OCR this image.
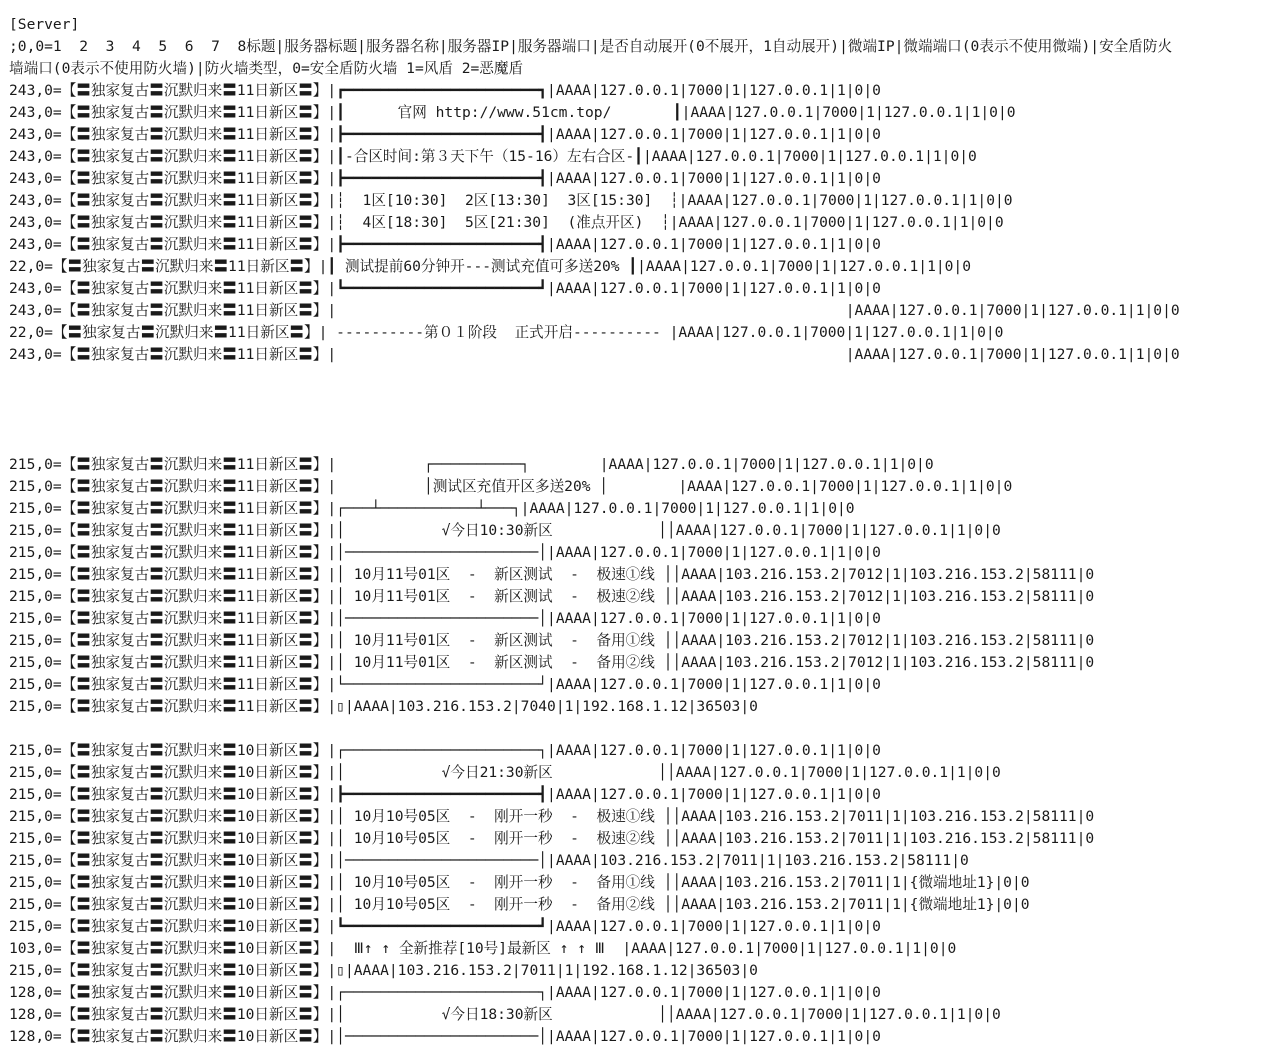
[Server]
;0,0=1  2  3  4  5  6  7  8标题|服务器标题|服务器名称|服务器IP|服务器端口|是否自动展开(0不展开，1自动展开)|微端IP|微端端口(0表示不使用微端)|安全盾防火
墙端口(0表示不使用防火墙)|防火墙类型，0=安全盾防火墙 1=风盾 2=恶魔盾
243,0=【〓独家复古〓沉默归来〓11日新区〓】|┏━━━━━━━━━━━━━━━━━━━━━━┓|AAAA|127.0.0.1|7000|1|127.0.0.1|1|0|0
243,0=【〓独家复古〓沉默归来〓11日新区〓】|┃      官网 http://www.51cm.top/       ┃|AAAA|127.0.0.1|7000|1|127.0.0.1|1|0|0
243,0=【〓独家复古〓沉默归来〓11日新区〓】|┣━━━━━━━━━━━━━━━━━━━━━━┫|AAAA|127.0.0.1|7000|1|127.0.0.1|1|0|0
243,0=【〓独家复古〓沉默归来〓11日新区〓】|┃-合区时间:第３天下午（15-16）左右合区-┃|AAAA|127.0.0.1|7000|1|127.0.0.1|1|0|0
243,0=【〓独家复古〓沉默归来〓11日新区〓】|┣━━━━━━━━━━━━━━━━━━━━━━┫|AAAA|127.0.0.1|7000|1|127.0.0.1|1|0|0
243,0=【〓独家复古〓沉默归来〓11日新区〓】|┆  1区[10:30]  2区[13:30]  3区[15:30]  ┆|AAAA|127.0.0.1|7000|1|127.0.0.1|1|0|0
243,0=【〓独家复古〓沉默归来〓11日新区〓】|┆  4区[18:30]  5区[21:30]  (准点开区)  ┆|AAAA|127.0.0.1|7000|1|127.0.0.1|1|0|0
243,0=【〓独家复古〓沉默归来〓11日新区〓】|┣━━━━━━━━━━━━━━━━━━━━━━┫|AAAA|127.0.0.1|7000|1|127.0.0.1|1|0|0
22,0=【〓独家复古〓沉默归来〓11日新区〓】|┃ 测试提前60分钟开---测试充值可多送20% ┃|AAAA|127.0.0.1|7000|1|127.0.0.1|1|0|0
243,0=【〓独家复古〓沉默归来〓11日新区〓】|┗━━━━━━━━━━━━━━━━━━━━━━┛|AAAA|127.0.0.1|7000|1|127.0.0.1|1|0|0
243,0=【〓独家复古〓沉默归来〓11日新区〓】|                                                          |AAAA|127.0.0.1|7000|1|127.0.0.1|1|0|0
22,0=【〓独家复古〓沉默归来〓11日新区〓】| ----------第０１阶段  正式开启---------- |AAAA|127.0.0.1|7000|1|127.0.0.1|1|0|0
243,0=【〓独家复古〓沉默归来〓11日新区〓】|                                                          |AAAA|127.0.0.1|7000|1|127.0.0.1|1|0|0
215,0=【〓独家复古〓沉默归来〓11日新区〓】|          ┌──────────┐        |AAAA|127.0.0.1|7000|1|127.0.0.1|1|0|0
215,0=【〓独家复古〓沉默归来〓11日新区〓】|          │测试区充值开区多送20% │        |AAAA|127.0.0.1|7000|1|127.0.0.1|1|0|0
215,0=【〓独家复古〓沉默归来〓11日新区〓】|┌───┴───────────┴───┐|AAAA|127.0.0.1|7000|1|127.0.0.1|1|0|0
215,0=【〓独家复古〓沉默归来〓11日新区〓】|│           √今日10:30新区            ││AAAA|127.0.0.1|7000|1|127.0.0.1|1|0|0
215,0=【〓独家复古〓沉默归来〓11日新区〓】|│──────────────────────│|AAAA|127.0.0.1|7000|1|127.0.0.1|1|0|0
215,0=【〓独家复古〓沉默归来〓11日新区〓】|│ 10月11号01区  -  新区测试  -  极速①线 ││AAAA|103.216.153.2|7012|1|103.216.153.2|58111|0
215,0=【〓独家复古〓沉默归来〓11日新区〓】|│ 10月11号01区  -  新区测试  -  极速②线 ││AAAA|103.216.153.2|7012|1|103.216.153.2|58111|0
215,0=【〓独家复古〓沉默归来〓11日新区〓】|│──────────────────────│|AAAA|127.0.0.1|7000|1|127.0.0.1|1|0|0
215,0=【〓独家复古〓沉默归来〓11日新区〓】|│ 10月11号01区  -  新区测试  -  备用①线 ││AAAA|103.216.153.2|7012|1|103.216.153.2|58111|0
215,0=【〓独家复古〓沉默归来〓11日新区〓】|│ 10月11号01区  -  新区测试  -  备用②线 ││AAAA|103.216.153.2|7012|1|103.216.153.2|58111|0
215,0=【〓独家复古〓沉默归来〓11日新区〓】|└──────────────────────┘|AAAA|127.0.0.1|7000|1|127.0.0.1|1|0|0
215,0=【〓独家复古〓沉默归来〓11日新区〓】|▯|AAAA|103.216.153.2|7040|1|192.168.1.12|36503|0
215,0=【〓独家复古〓沉默归来〓10日新区〓】|┌──────────────────────┐|AAAA|127.0.0.1|7000|1|127.0.0.1|1|0|0
215,0=【〓独家复古〓沉默归来〓10日新区〓】|│           √今日21:30新区            ││AAAA|127.0.0.1|7000|1|127.0.0.1|1|0|0
215,0=【〓独家复古〓沉默归来〓10日新区〓】|┣━━━━━━━━━━━━━━━━━━━━━━┫|AAAA|127.0.0.1|7000|1|127.0.0.1|1|0|0
215,0=【〓独家复古〓沉默归来〓10日新区〓】|│ 10月10号05区  -  刚开一秒  -  极速①线 ││AAAA|103.216.153.2|7011|1|103.216.153.2|58111|0
215,0=【〓独家复古〓沉默归来〓10日新区〓】|│ 10月10号05区  -  刚开一秒  -  极速②线 ││AAAA|103.216.153.2|7011|1|103.216.153.2|58111|0
215,0=【〓独家复古〓沉默归来〓10日新区〓】|│──────────────────────│|AAAA|103.216.153.2|7011|1|103.216.153.2|58111|0
215,0=【〓独家复古〓沉默归来〓10日新区〓】|│ 10月10号05区  -  刚开一秒  -  备用①线 ││AAAA|103.216.153.2|7011|1|{微端地址1}|0|0
215,0=【〓独家复古〓沉默归来〓10日新区〓】|│ 10月10号05区  -  刚开一秒  -  备用②线 ││AAAA|103.216.153.2|7011|1|{微端地址1}|0|0
215,0=【〓独家复古〓沉默归来〓10日新区〓】|┗━━━━━━━━━━━━━━━━━━━━━━┛|AAAA|127.0.0.1|7000|1|127.0.0.1|1|0|0
103,0=【〓独家复古〓沉默归来〓10日新区〓】|  Ⅲ↑ ↑ 全新推荐[10号]最新区 ↑ ↑ Ⅲ  |AAAA|127.0.0.1|7000|1|127.0.0.1|1|0|0
215,0=【〓独家复古〓沉默归来〓10日新区〓】|▯|AAAA|103.216.153.2|7011|1|192.168.1.12|36503|0
128,0=【〓独家复古〓沉默归来〓10日新区〓】|┌──────────────────────┐|AAAA|127.0.0.1|7000|1|127.0.0.1|1|0|0
128,0=【〓独家复古〓沉默归来〓10日新区〓】|│           √今日18:30新区            ││AAAA|127.0.0.1|7000|1|127.0.0.1|1|0|0
128,0=【〓独家复古〓沉默归来〓10日新区〓】|│──────────────────────│|AAAA|127.0.0.1|7000|1|127.0.0.1|1|0|0
